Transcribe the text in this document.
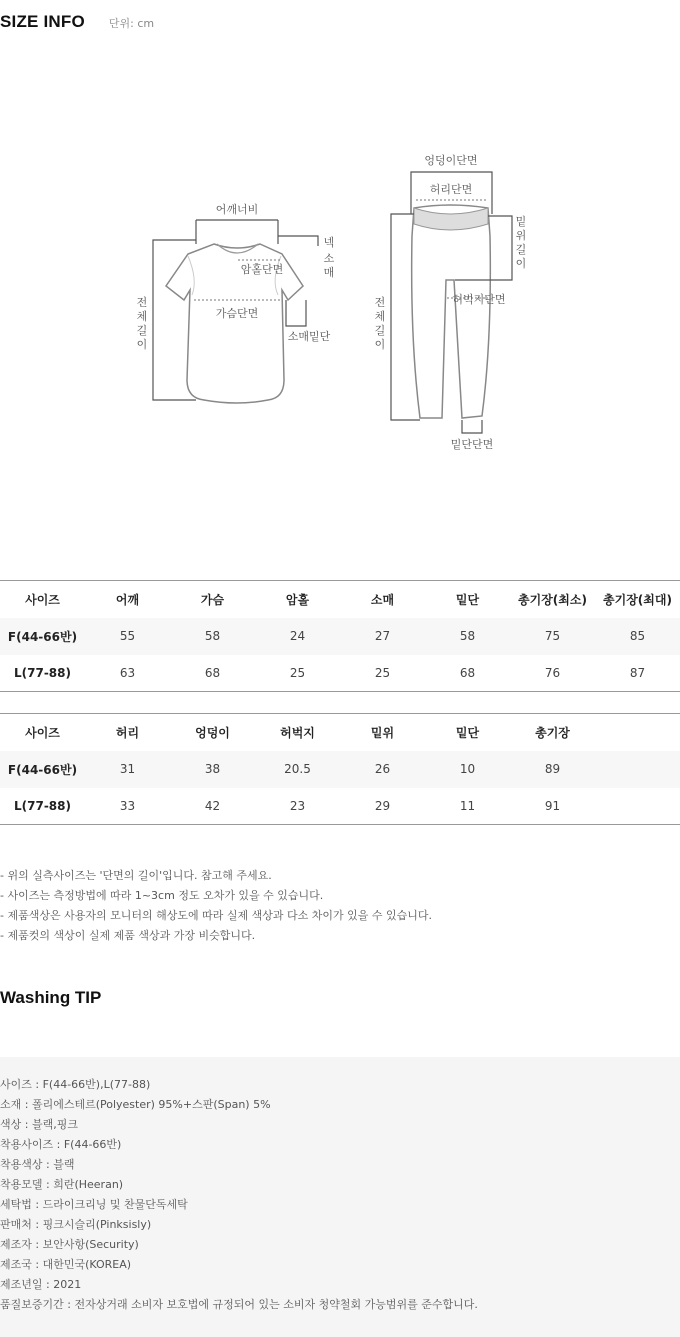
SIZE INFO 단위: cm
어깨너비
암홀단면
가슴단면
소매밑단
넥
소
매
전
체
길
이
엉덩이단면
허리단면
밑
위
길
이
허벅지단면
전
체
길
이
밑단단면
사이즈	어깨	가슴	암홀	소매	밑단	총기장(최소)	총기장(최대)
F(44-66반)	55	58	24	27	58	75	85
L(77-88)	63	68	25	25	68	76	87
사이즈	허리	엉덩이	허벅지	밑위	밑단	총기장	
F(44-66반)	31	38	20.5	26	10	89	
L(77-88)	33	42	23	29	11	91	

- 위의 실측사이즈는 '단면의 길이'입니다. 참고해 주세요.

- 사이즈는 측정방법에 따라 1~3cm 정도 오차가 있을 수 있습니다.

- 제품색상은 사용자의 모니터의 해상도에 따라 실제 색상과 다소 차이가 있을 수 있습니다.

- 제품컷의 색상이 실제 제품 색상과 가장 비슷합니다.

Washing TIP

사이즈 : F(44-66반),L(77-88)

소재 : 폴리에스테르(Polyester) 95%+스판(Span) 5%

색상 : 블랙,핑크

착용사이즈 : F(44-66반)

착용색상 : 블랙

착용모델 : 희란(Heeran)

세탁법 : 드라이크리닝 및 찬물단독세탁

판매처 : 핑크시슬리(Pinksisly)

제조자 : 보안사항(Security)

제조국 : 대한민국(KOREA)

제조년일 : 2021

품질보증기간 : 전자상거래 소비자 보호법에 규정되어 있는 소비자 청약철회 가능범위를 준수합니다.
